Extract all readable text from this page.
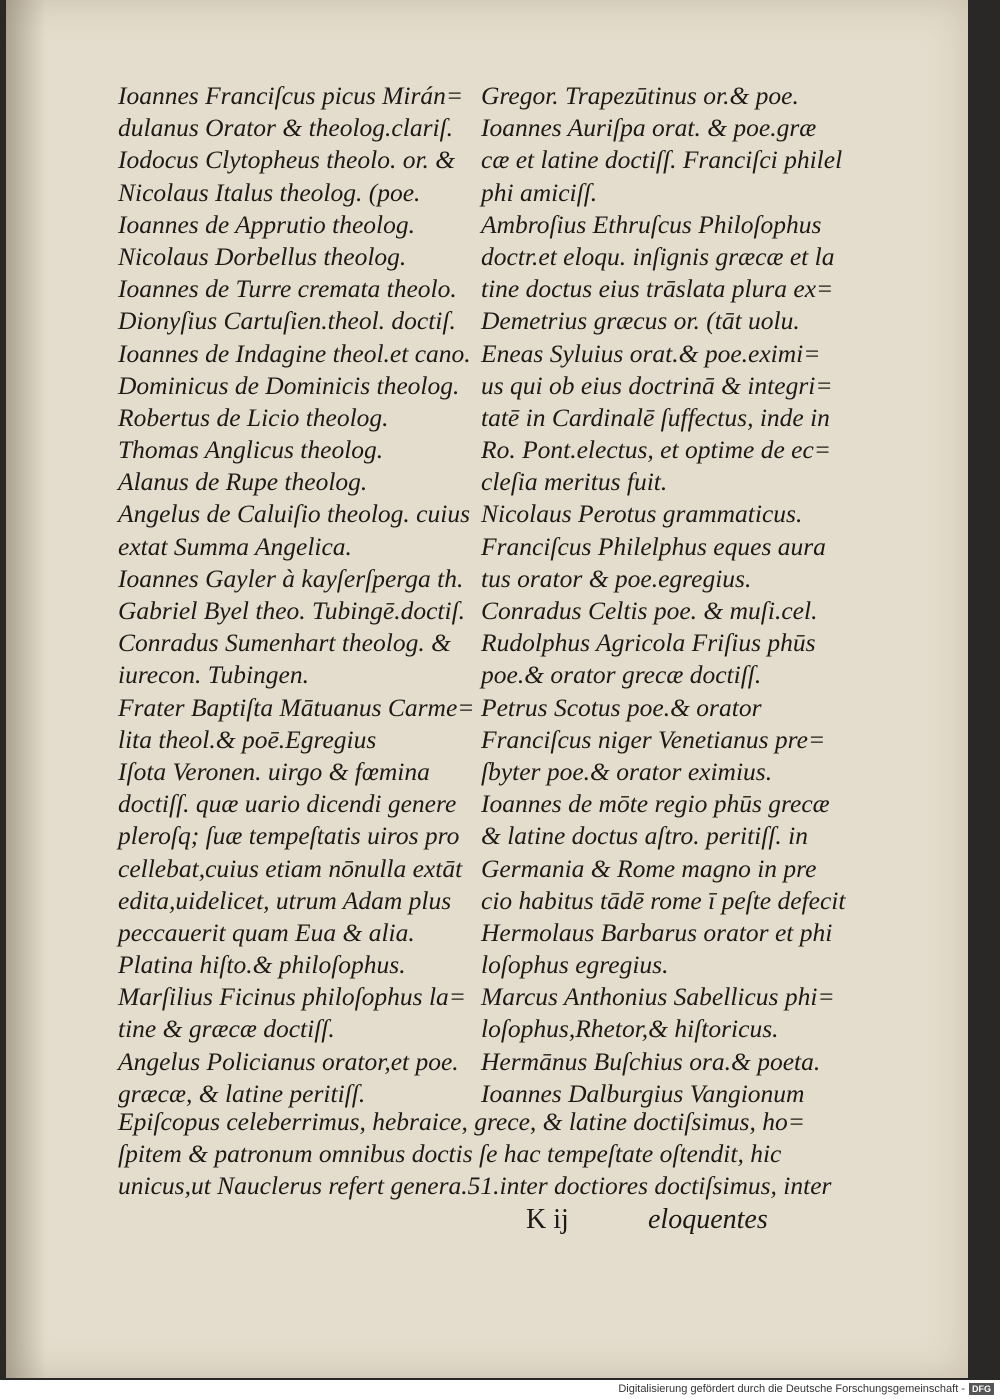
Ioannes Franciſcus picus Mirán=
dulanus Orator & theolog.clariſ.
Iodocus Clytopheus theolo. or. &
Nicolaus Italus theolog. (poe.
Ioannes de Apprutio theolog.
Nicolaus Dorbellus theolog.
Ioannes de Turre cremata theolo.
Dionyſius Cartuſien.theol. doctiſ.
Ioannes de Indagine theol.et cano.
Dominicus de Dominicis theolog.
Robertus de Licio theolog.
Thomas Anglicus theolog.
Alanus de Rupe theolog.
Angelus de Caluiſio theolog. cuius
extat Summa Angelica.
Ioannes Gayler à kayſerſperga th.
Gabriel Byel theo. Tubingē.doctiſ.
Conradus Sumenhart theolog. &
iurecon. Tubingen.
Frater Baptiſta Mātuanus Carme=
lita theol.& poē.Egregius
Iſota Veronen. uirgo & fœmina
doctiſſ. quæ uario dicendi genere
pleroſq; ſuæ tempeſtatis uiros pro
cellebat,cuius etiam nōnulla extāt
edita,uidelicet, utrum Adam plus
peccauerit quam Eua & alia.
Platina hiſto.& philoſophus.
Marſilius Ficinus philoſophus la=
tine & græcæ doctiſſ.
Angelus Policianus orator,et poe.
græcæ, & latine peritiſſ.
Gregor. Trapezūtinus or.& poe.
Ioannes Auriſpa orat. & poe.græ
cæ et latine doctiſſ. Franciſci philel
phi amiciſſ.
Ambroſius Ethruſcus Philoſophus
doctr.et eloqu. inſignis græcæ et la
tine doctus eius trāslata plura ex=
Demetrius græcus or. (tāt uolu.
Eneas Syluius orat.& poe.eximi=
us qui ob eius doctrinā & integri=
tatē in Cardinalē ſuffectus, inde in
Ro. Pont.electus, et optime de ec=
cleſia meritus fuit.
Nicolaus Perotus grammaticus.
Franciſcus Philelphus eques aura
tus orator & poe.egregius.
Conradus Celtis poe. & muſi.cel.
Rudolphus Agricola Friſius phūs
poe.& orator grecæ doctiſſ.
Petrus Scotus poe.& orator
Franciſcus niger Venetianus pre=
ſbyter poe.& orator eximius.
Ioannes de mōte regio phūs grecæ
& latine doctus aſtro. peritiſſ. in
Germania & Rome magno in pre
cio habitus tādē rome ī peſte defecit
Hermolaus Barbarus orator et phi
loſophus egregius.
Marcus Anthonius Sabellicus phi=
loſophus,Rhetor,& hiſtoricus.
Hermānus Buſchius ora.& poeta.
Ioannes Dalburgius Vangionum
Epiſcopus celeberrimus, hebraice, grece, & latine doctiſsimus, ho=
ſpitem & patronum omnibus doctis ſe hac tempeſtate oſtendit, hic
unicus,ut Nauclerus refert genera.51.inter doctiores doctiſsimus, inter
K ij	eloquentes
Digitalisierung gefördert durch die Deutsche Forschungsgemeinschaft - DFG
